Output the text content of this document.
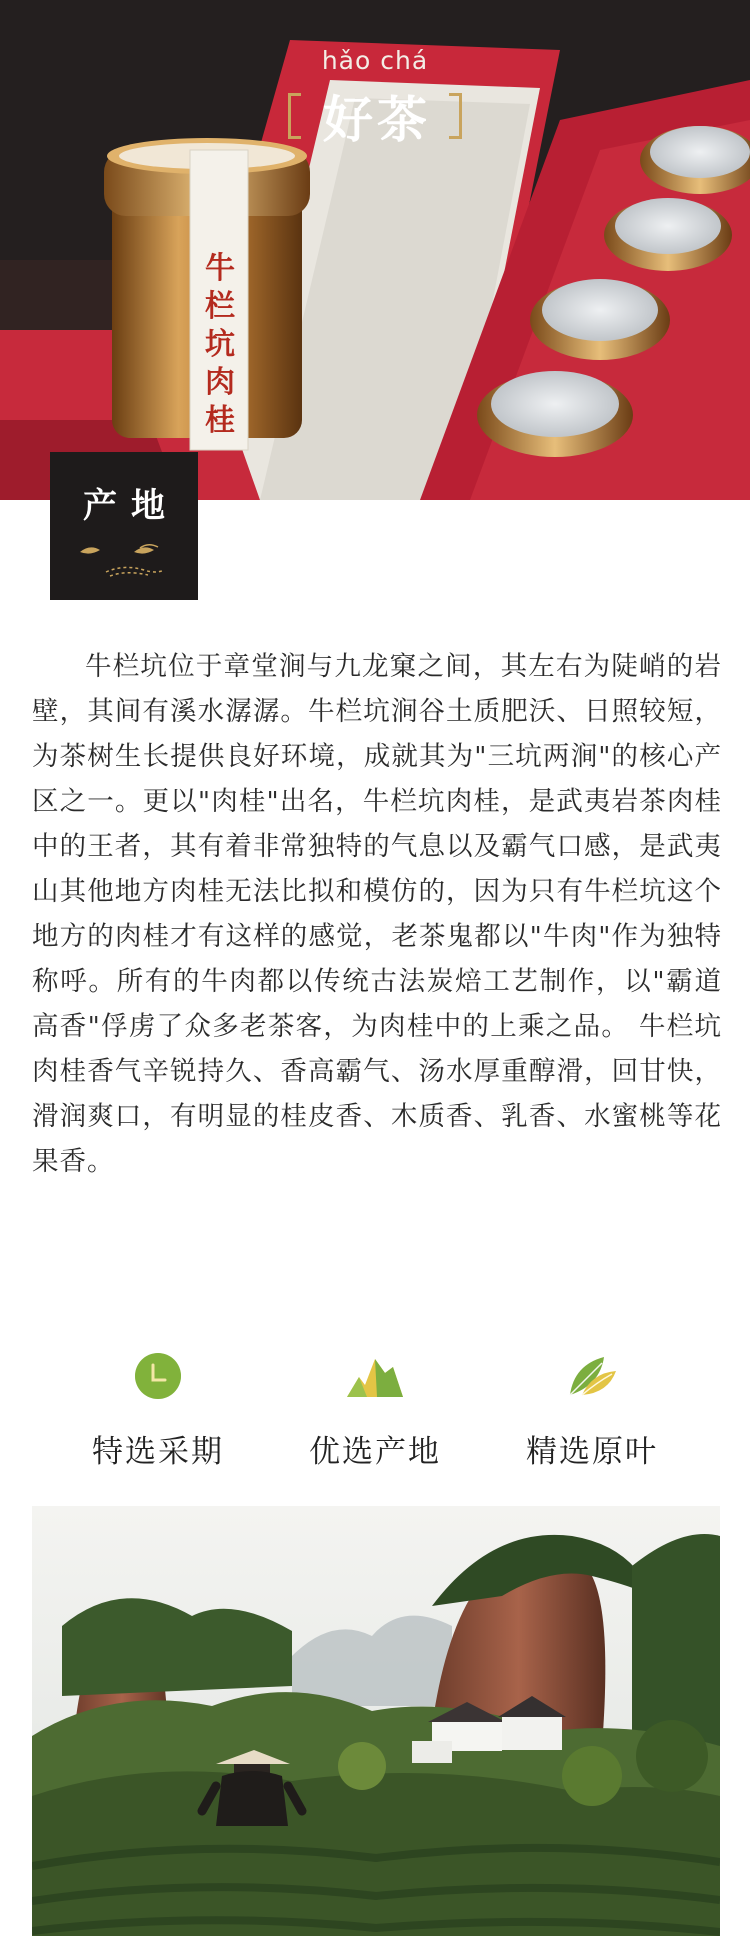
牛栏坑肉桂
hǎo chá
好茶
产地
牛栏坑位于章堂涧与九龙窠之间，其左右为陡峭的岩壁，其间有溪水潺潺。牛栏坑涧谷土质肥沃、日照较短，为茶树生长提供良好环境，成就其为"三坑两涧"的核心产区之一。更以"肉桂"出名，牛栏坑肉桂，是武夷岩茶肉桂中的王者，其有着非常独特的气息以及霸气口感，是武夷山其他地方肉桂无法比拟和模仿的，因为只有牛栏坑这个地方的肉桂才有这样的感觉，老茶鬼都以"牛肉"作为独特称呼。所有的牛肉都以传统古法炭焙工艺制作，以"霸道高香"俘虏了众多老茶客，为肉桂中的上乘之品。 牛栏坑肉桂香气辛锐持久、香高霸气、汤水厚重醇滑，回甘快，滑润爽口，有明显的桂皮香、木质香、乳香、水蜜桃等花果香。
特选采期	优选产地	精选原叶
